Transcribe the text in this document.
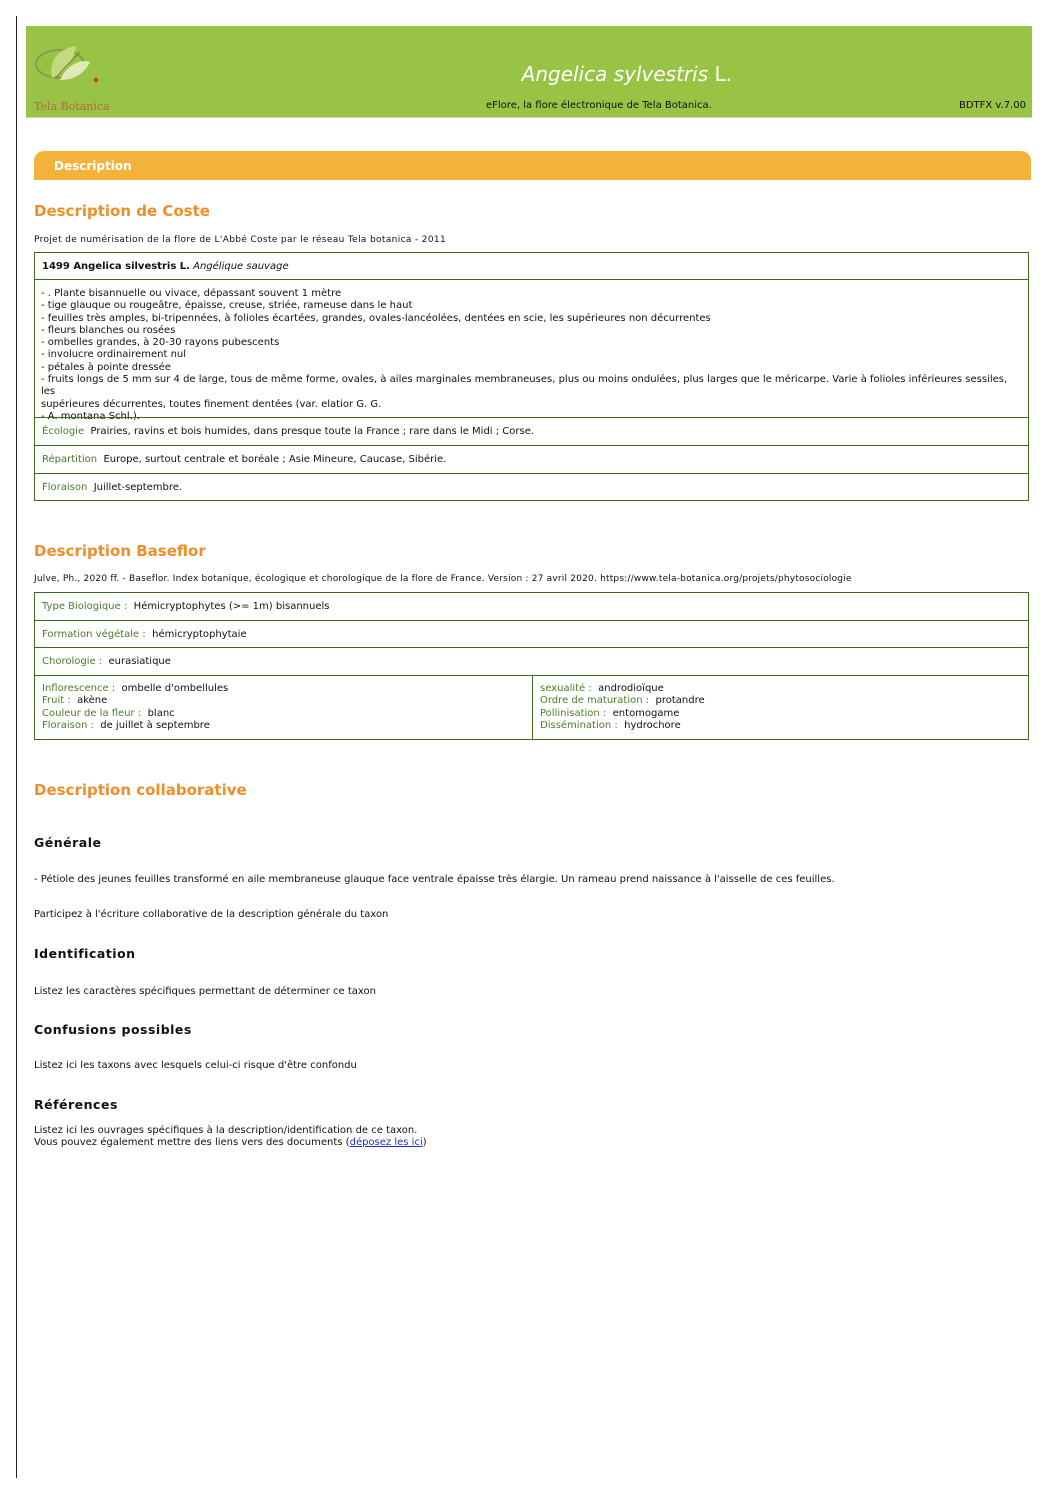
Tela Botanica
Angelica sylvestris L.
eFlore, la flore électronique de Tela Botanica.	BDTFX v.7.00
Description
Description de Coste
Projet de numérisation de la flore de L'Abbé Coste par le réseau Tela botanica - 2011
1499 Angelica silvestris L. Angélique sauvage
- . Plante bisannuelle ou vivace, dépassant souvent 1 mètre
- tige glauque ou rougeâtre, épaisse, creuse, striée, rameuse dans le haut
- feuilles très amples, bi-tripennées, à folioles écartées, grandes, ovales-lancéolées, dentées en scie, les supérieures non décurrentes
- fleurs blanches ou rosées
- ombelles grandes, à 20-30 rayons pubescents
- involucre ordinairement nul
- pétales à pointe dressée
- fruits longs de 5 mm sur 4 de large, tous de même forme, ovales, à ailes marginales membraneuses, plus ou moins ondulées, plus larges que le méricarpe. Varie à folioles inférieures sessiles, les
supérieures décurrentes, toutes finement dentées (var. elatior G. G.
- A. montana Schl.).
Écologie Prairies, ravins et bois humides, dans presque toute la France ; rare dans le Midi ; Corse.
Répartition Europe, surtout centrale et boréale ; Asie Mineure, Caucase, Sibérie.
Floraison Juillet-septembre.
Description Baseflor
Julve, Ph., 2020 ff. - Baseflor. Index botanique, écologique et chorologique de la flore de France. Version : 27 avril 2020. https://www.tela-botanica.org/projets/phytosociologie
Type Biologique : Hémicryptophytes (>= 1m) bisannuels
Formation végétale : hémicryptophytaie
Chorologie : eurasiatique
Inflorescence : ombelle d'ombellules
Fruit : akène
Couleur de la fleur : blanc
Floraison : de juillet à septembre
sexualité : androdioïque
Ordre de maturation : protandre
Pollinisation : entomogame
Dissémination : hydrochore
Description collaborative
Générale
- Pétiole des jeunes feuilles transformé en aile membraneuse glauque face ventrale épaisse très élargie. Un rameau prend naissance à l'aisselle de ces feuilles.
Participez à l'écriture collaborative de la description générale du taxon
Identification
Listez les caractères spécifiques permettant de déterminer ce taxon
Confusions possibles
Listez ici les taxons avec lesquels celui-ci risque d'être confondu
Références
Listez ici les ouvrages spécifiques à la description/identification de ce taxon.
Vous pouvez également mettre des liens vers des documents (déposez les ici)
